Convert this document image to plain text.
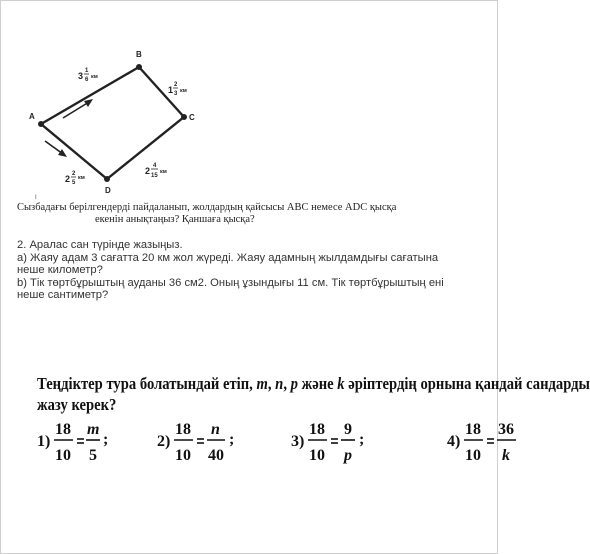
A
B
C
D
3 1
6 км
1 2
3 км
2 4
15
км
2 2
5
км
I
Сызбадағы берілгендерді пайдаланып, жолдардың қайсысы ABC немесе ADC қысқа
екенін анықтаңыз? Қаншаға қысқа?
2. Аралас сан түрінде жазыңыз.
а) Жаяу адам 3 сағатта 20 км жол жүреді. Жаяу адамның жылдамдығы сағатына
неше километр?
b) Тік төртбұрыштың ауданы 36 см2. Оның ұзындығы 11 см. Тік төртбұрыштың ені
неше сантиметр?
Теңдіктер тура болатындай етіп, m, n, p және k әріптердің орнына қандай сандарды
жазу керек?
1)
18
10
m
5
;	2)
18
10
n
40
;	3)
18
10
9
p
;	4)
18
10
36
k
